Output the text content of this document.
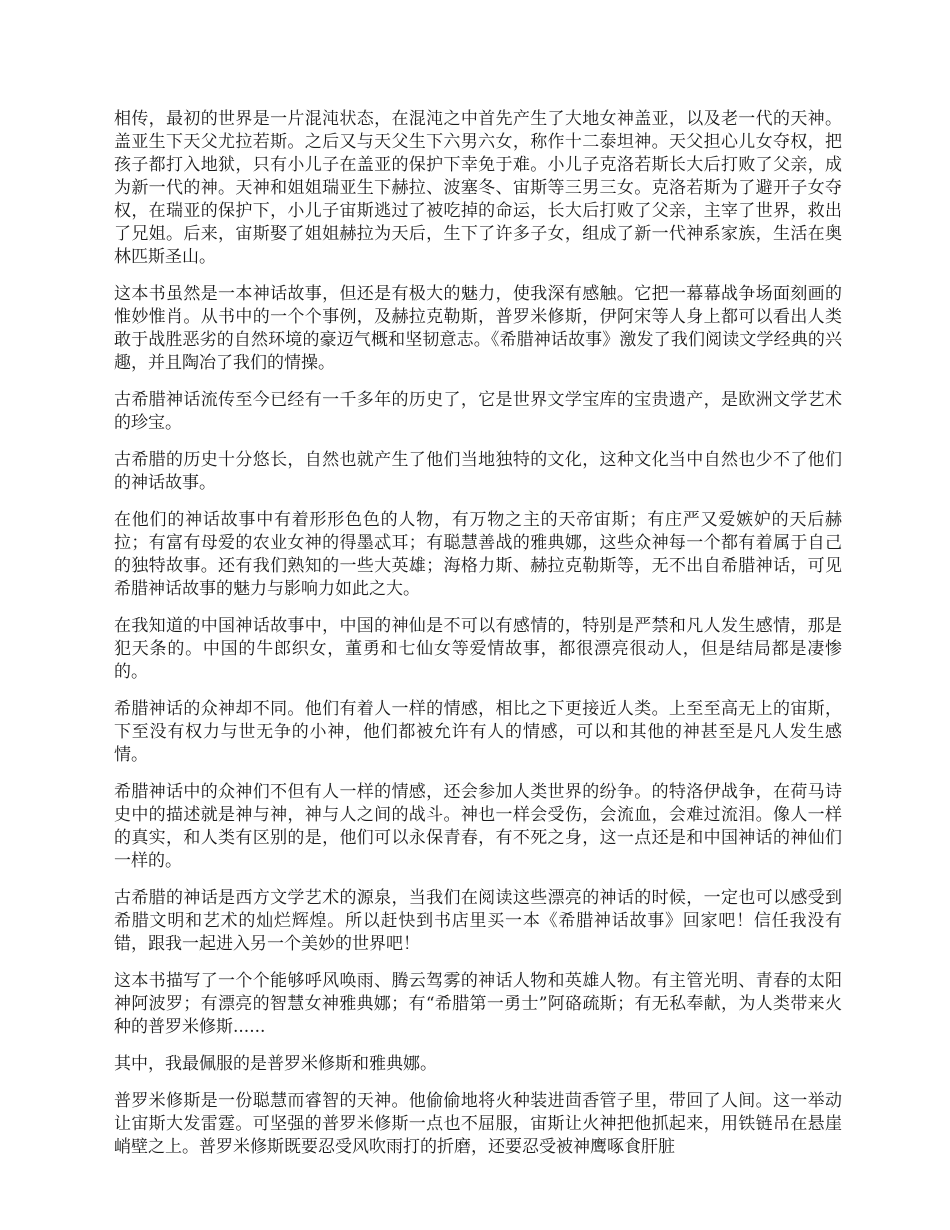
相传，最初的世界是一片混沌状态，在混沌之中首先产生了大地女神盖亚，以及老一代的天神。盖亚生下天父尤拉若斯。之后又与天父生下六男六女，称作十二泰坦神。天父担心儿女夺权，把孩子都打入地狱，只有小儿子在盖亚的保护下幸免于难。小儿子克洛若斯长大后打败了父亲，成为新一代的神。天神和姐姐瑞亚生下赫拉、波塞冬、宙斯等三男三女。克洛若斯为了避开子女夺权，在瑞亚的保护下，小儿子宙斯逃过了被吃掉的命运，长大后打败了父亲，主宰了世界，救出了兄姐。后来，宙斯娶了姐姐赫拉为天后，生下了许多子女，组成了新一代神系家族，生活在奥林匹斯圣山。

这本书虽然是一本神话故事，但还是有极大的魅力，使我深有感触。它把一幕幕战争场面刻画的惟妙惟肖。从书中的一个个事例，及赫拉克勒斯，普罗米修斯，伊阿宋等人身上都可以看出人类敢于战胜恶劣的自然环境的豪迈气概和坚韧意志。《希腊神话故事》激发了我们阅读文学经典的兴趣，并且陶冶了我们的情操。

古希腊神话流传至今已经有一千多年的历史了，它是世界文学宝库的宝贵遗产，是欧洲文学艺术的珍宝。

古希腊的历史十分悠长，自然也就产生了他们当地独特的文化，这种文化当中自然也少不了他们的神话故事。

在他们的神话故事中有着形形色色的人物，有万物之主的天帝宙斯；有庄严又爱嫉妒的天后赫拉；有富有母爱的农业女神的得墨忒耳；有聪慧善战的雅典娜，这些众神每一个都有着属于自己的独特故事。还有我们熟知的一些大英雄；海格力斯、赫拉克勒斯等，无不出自希腊神话，可见希腊神话故事的魅力与影响力如此之大。

在我知道的中国神话故事中，中国的神仙是不可以有感情的，特别是严禁和凡人发生感情，那是犯天条的。中国的牛郎织女，董勇和七仙女等爱情故事，都很漂亮很动人，但是结局都是凄惨的。

希腊神话的众神却不同。他们有着人一样的情感，相比之下更接近人类。上至至高无上的宙斯，下至没有权力与世无争的小神，他们都被允许有人的情感，可以和其他的神甚至是凡人发生感情。

希腊神话中的众神们不但有人一样的情感，还会参加人类世界的纷争。的特洛伊战争，在荷马诗史中的描述就是神与神，神与人之间的战斗。神也一样会受伤，会流血，会难过流泪。像人一样的真实，和人类有区别的是，他们可以永保青春，有不死之身，这一点还是和中国神话的神仙们一样的。

古希腊的神话是西方文学艺术的源泉，当我们在阅读这些漂亮的神话的时候，一定也可以感受到希腊文明和艺术的灿烂辉煌。所以赶快到书店里买一本《希腊神话故事》回家吧！信任我没有错，跟我一起进入另一个美妙的世界吧！

这本书描写了一个个能够呼风唤雨、腾云驾雾的神话人物和英雄人物。有主管光明、青春的太阳神阿波罗；有漂亮的智慧女神雅典娜；有“希腊第一勇士”阿硌疏斯；有无私奉献，为人类带来火种的普罗米修斯......

其中，我最佩服的是普罗米修斯和雅典娜。

普罗米修斯是一份聪慧而睿智的天神。他偷偷地将火种装进茴香管子里，带回了人间。这一举动让宙斯大发雷霆。可坚强的普罗米修斯一点也不屈服，宙斯让火神把他抓起来，用铁链吊在悬崖峭壁之上。普罗米修斯既要忍受风吹雨打的折磨，还要忍受被神鹰啄食肝脏
